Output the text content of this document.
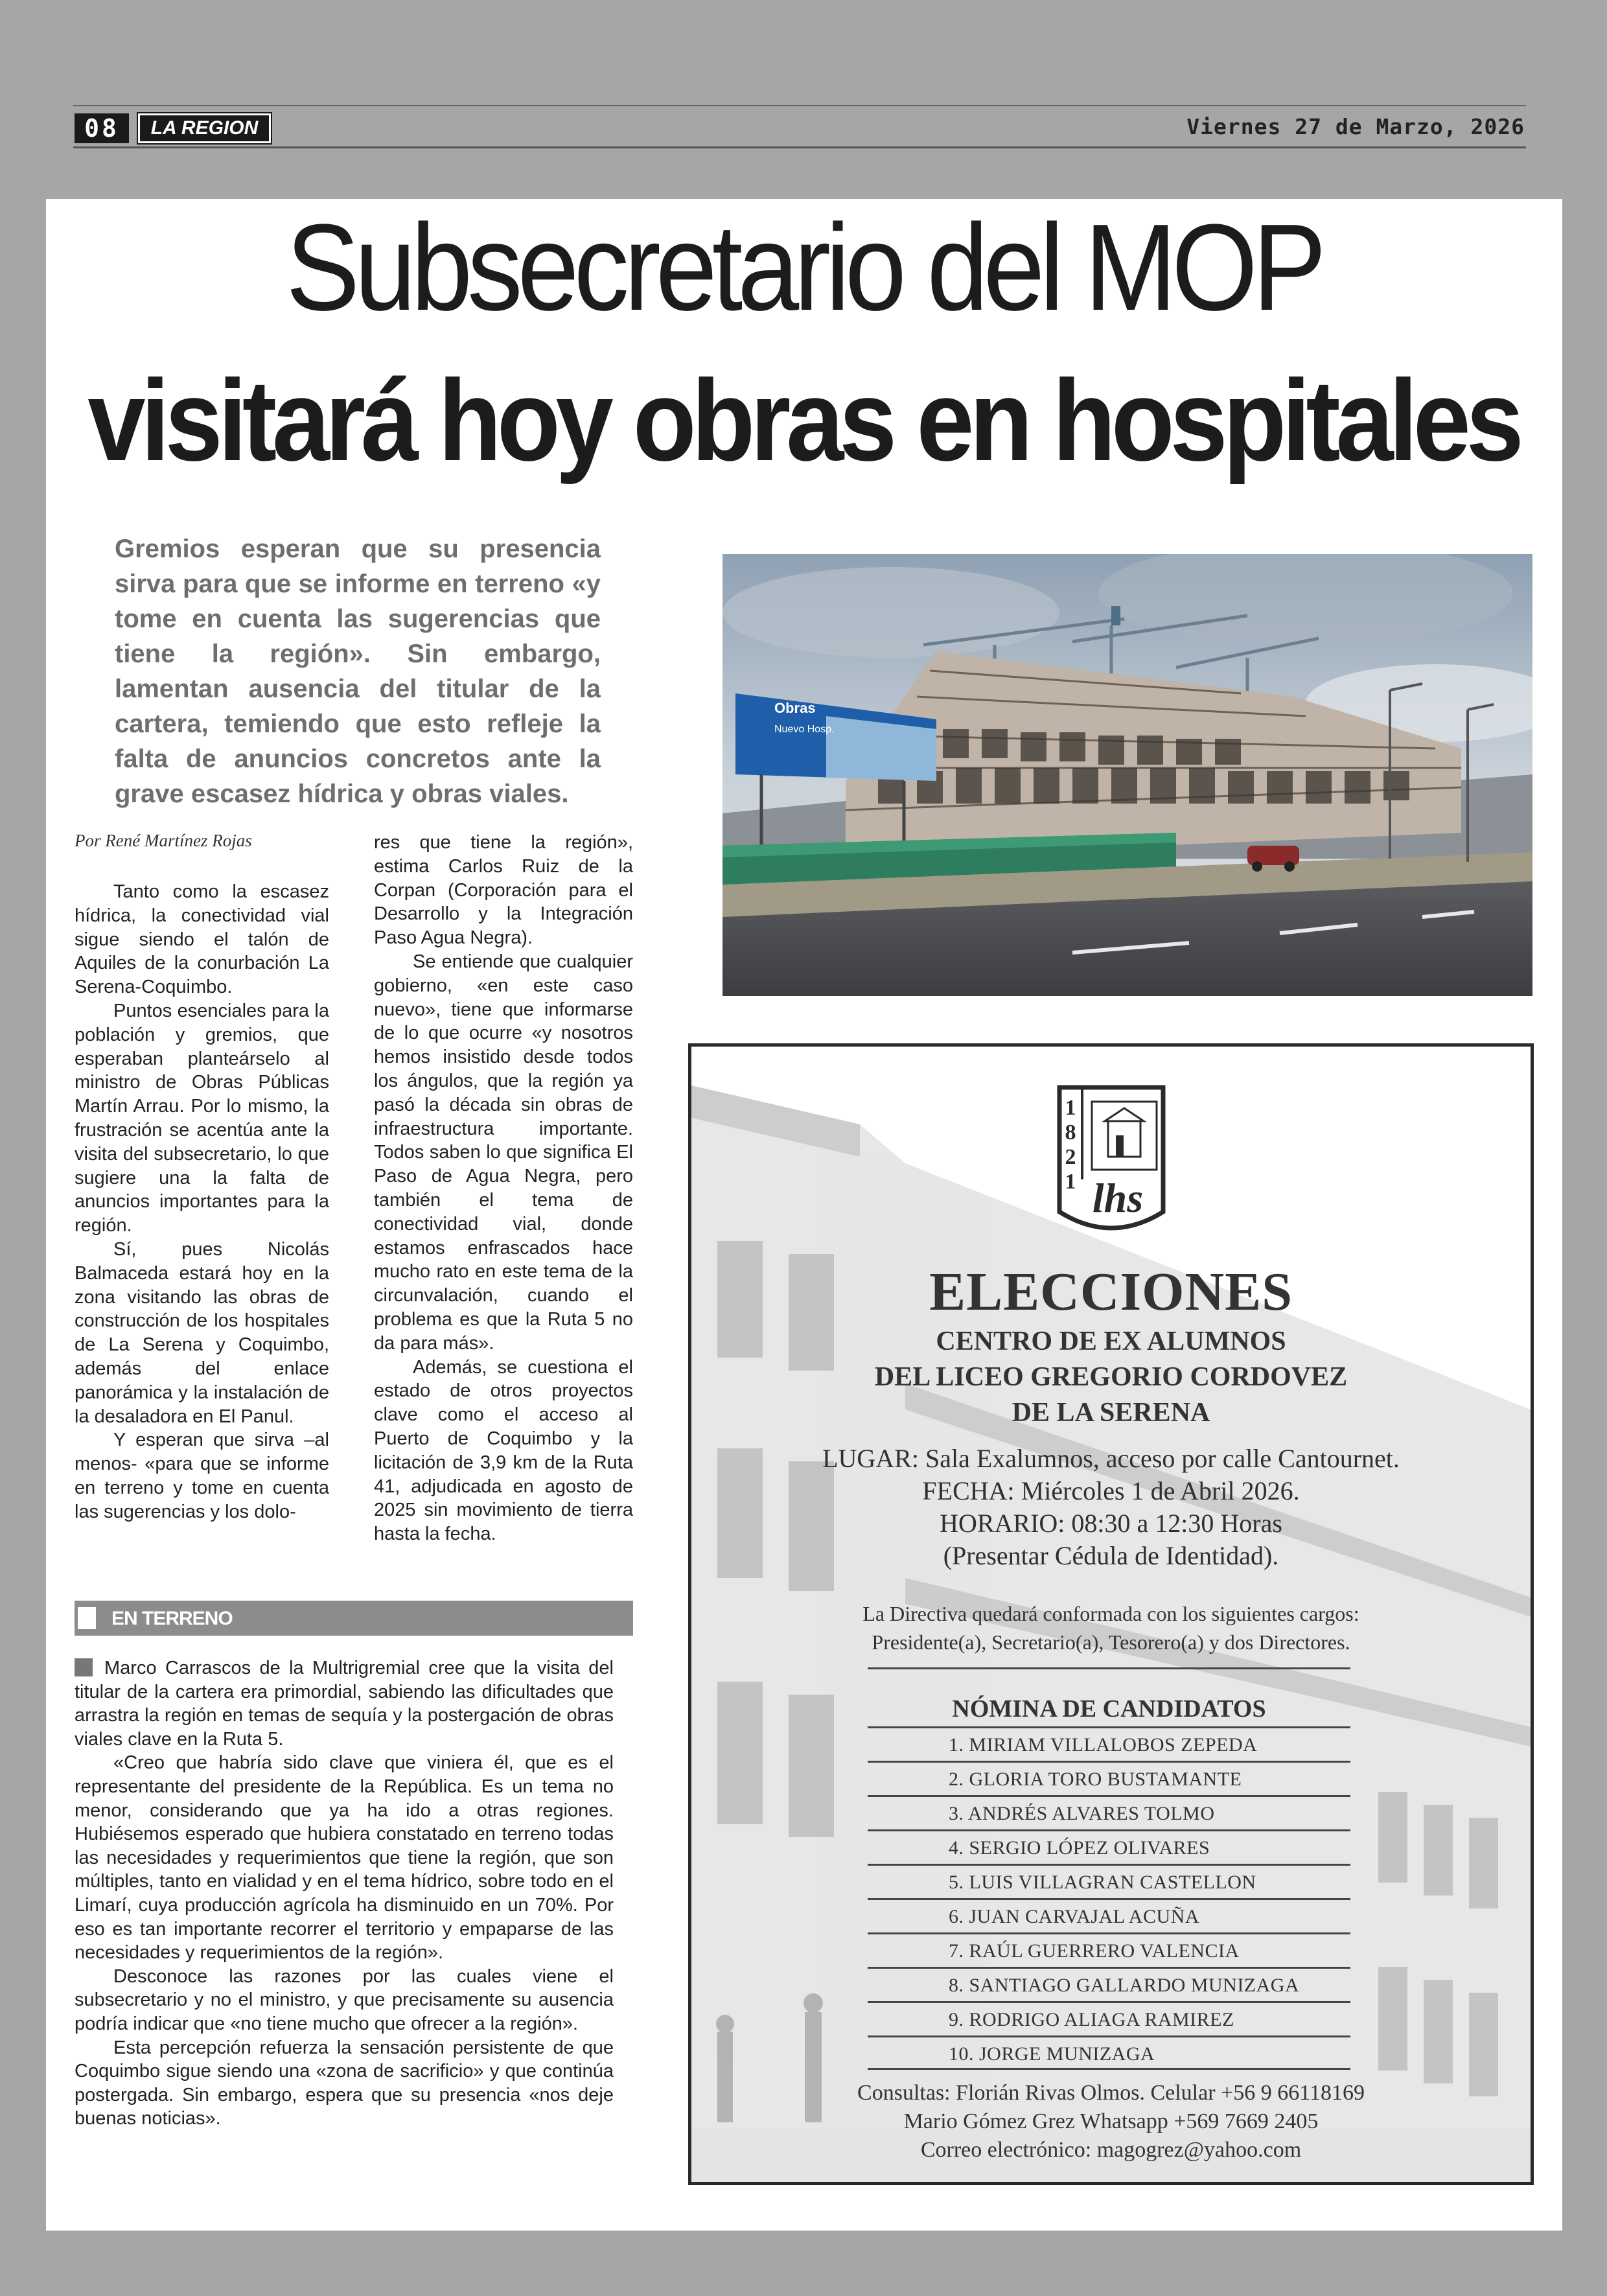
08	LA REGION	Viernes 27 de Marzo, 2026
Subsecretario del MOP
visitará hoy obras en hospitales

Gremios esperan que su presencia sirva para que se informe en terreno «y tome en cuenta las sugerencias que tiene la región». Sin embargo, lamentan ausencia del titular de la cartera, temiendo que esto refleje la falta de anuncios concretos ante la grave escasez hídrica y obras viales.

Obras
Nuevo Hosp.
Por René Martínez Rojas

Tanto como la escasez hídrica, la conectividad vial sigue siendo el talón de Aquiles de la conurbación La Serena-Coquimbo.

Puntos esenciales para la población y gremios, que esperaban planteárselo al ministro de Obras Públicas Martín Arrau. Por lo mismo, la frustración se acentúa ante la visita del subsecretario, lo que sugiere una la falta de anuncios importantes para la región.

Sí, pues Nicolás Balmaceda estará hoy en la zona visitando las obras de construcción de los hospitales de La Serena y Coquimbo, además del enlace panorámica y la instalación de la desaladora en El Panul.

Y esperan que sirva –al menos- «para que se informe en terreno y tome en cuenta las sugerencias y los dolo-

res que tiene la región», estima Carlos Ruiz de la Corpan (Corporación para el Desarrollo y la Integración Paso Agua Negra).

Se entiende que cualquier gobierno, «en este caso nuevo», tiene que informarse de lo que ocurre «y nosotros hemos insistido desde todos los ángulos, que la región ya pasó la década sin obras de infraestructura importante. Todos saben lo que significa El Paso de Agua Negra, pero también el tema de conectividad vial, donde estamos enfrascados hace mucho rato en este tema de la circunvalación, cuando el problema es que la Ruta 5 no da para más».

Además, se cuestiona el estado de otros proyectos clave como el acceso al Puerto de Coquimbo y la licitación de 3,9 km de la Ruta 41, adjudicada en agosto de 2025 sin movimiento de tierra hasta la fecha.

EN TERRENO

Marco Carrascos de la Multrigremial cree que la visita del titular de la cartera era primordial, sabiendo las dificultades que arrastra la región en temas de sequía y la postergación de obras viales clave en la Ruta 5.

«Creo que habría sido clave que viniera él, que es el representante del presidente de la República. Es un tema no menor, considerando que ya ha ido a otras regiones. Hubiésemos esperado que hubiera constatado en terreno todas las necesidades y requerimientos que tiene la región, que son múltiples, tanto en vialidad y en el tema hídrico, sobre todo en el Limarí, cuya producción agrícola ha disminuido en un 70%. Por eso es tan importante recorrer el territorio y empaparse de las necesidades y requerimientos de la región».

Desconoce las razones por las cuales viene el subsecretario y no el ministro, y que precisamente su ausencia podría indicar que «no tiene mucho que ofrecer a la región».

Esta percepción refuerza la sensación persistente de que Coquimbo sigue siendo una «zona de sacrificio» y que continúa postergada. Sin embargo, espera que su presencia «nos deje buenas noticias».

1
8
2
1 lhs
ELECCIONES
CENTRO DE EX ALUMNOS
DEL LICEO GREGORIO CORDOVEZ
DE LA SERENA
LUGAR: Sala Exalumnos, acceso por calle Cantournet.
FECHA: Miércoles 1 de Abril 2026.
HORARIO: 08:30 a 12:30 Horas
(Presentar Cédula de Identidad).
La Directiva quedará conformada con los siguientes cargos:
Presidente(a), Secretario(a), Tesorero(a) y dos Directores.
NÓMINA DE CANDIDATOS
1. MIRIAM VILLALOBOS ZEPEDA
2. GLORIA TORO BUSTAMANTE
3. ANDRÉS ALVARES TOLMO
4. SERGIO LÓPEZ OLIVARES
5. LUIS VILLAGRAN CASTELLON
6. JUAN CARVAJAL ACUÑA
7. RAÚL GUERRERO VALENCIA
8. SANTIAGO GALLARDO MUNIZAGA
9. RODRIGO ALIAGA RAMIREZ
10. JORGE MUNIZAGA
Consultas: Florián Rivas Olmos. Celular +56 9 66118169
Mario Gómez Grez Whatsapp +569 7669 2405
Correo electrónico: magogrez@yahoo.com
